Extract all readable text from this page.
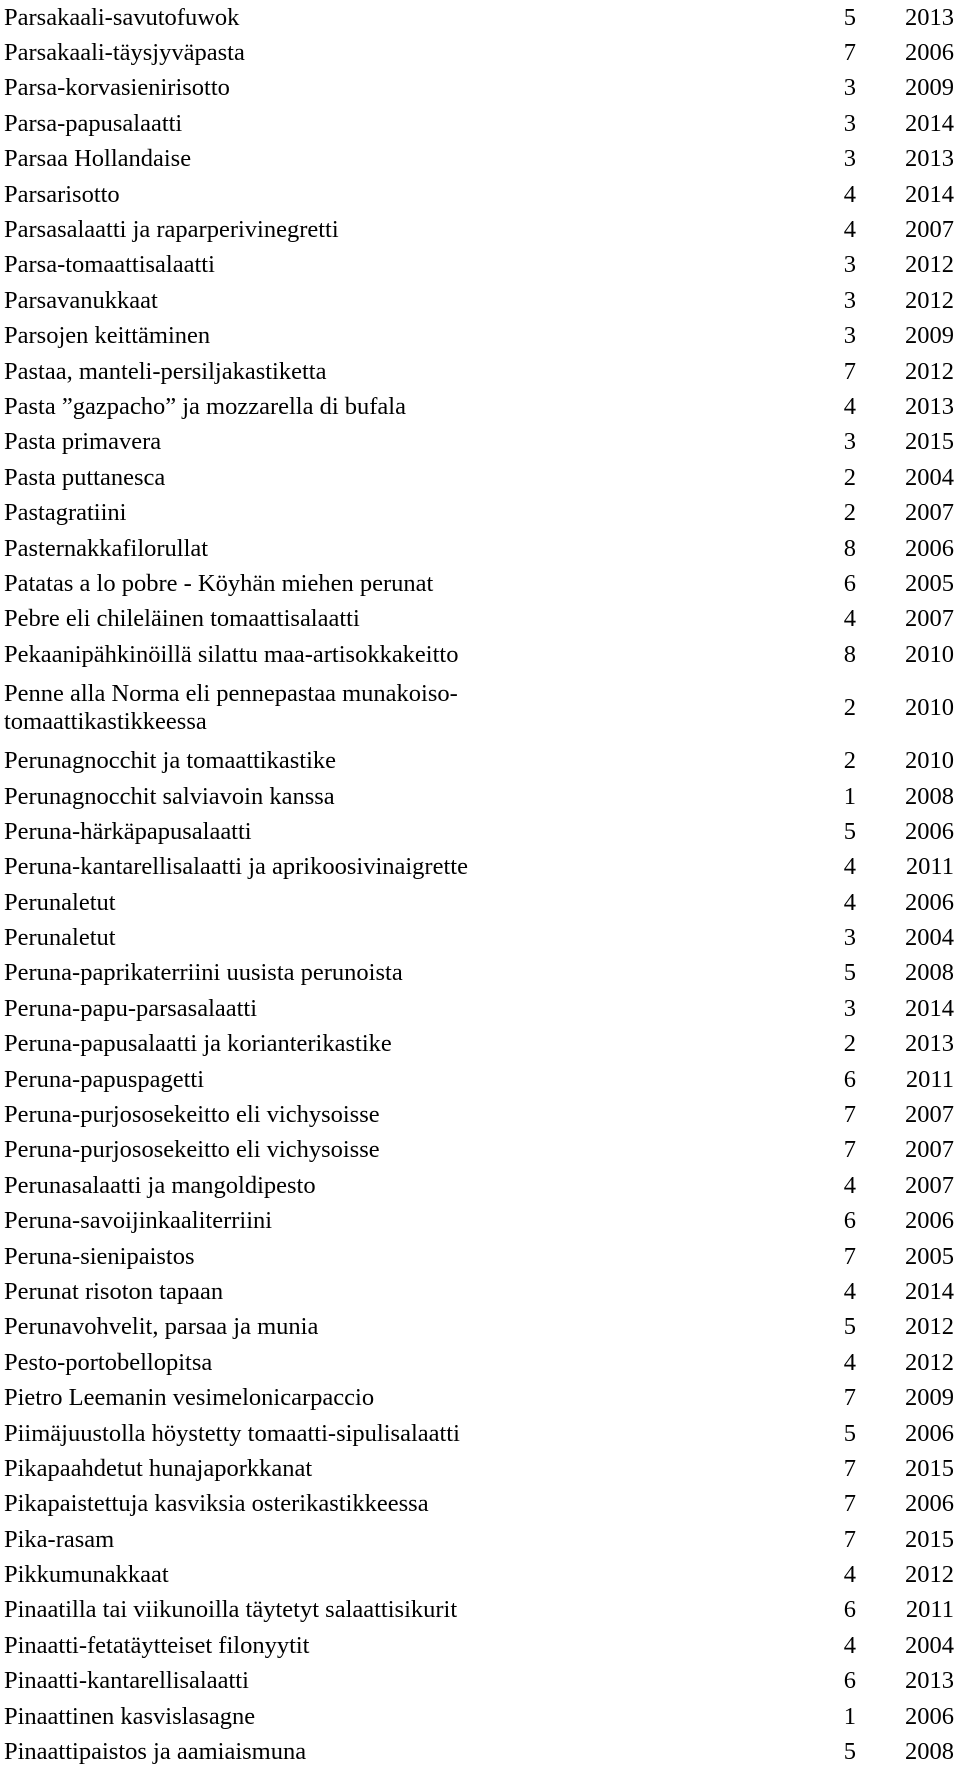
Parsakaali-savutofuwok	5	2013
Parsakaali-täysjyväpasta	7	2006
Parsa-korvasienirisotto	3	2009
Parsa-papusalaatti	3	2014
Parsaa Hollandaise	3	2013
Parsarisotto	4	2014
Parsasalaatti ja raparperivinegretti	4	2007
Parsa-tomaattisalaatti	3	2012
Parsavanukkaat	3	2012
Parsojen keittäminen	3	2009
Pastaa, manteli-persiljakastiketta	7	2012
Pasta ”gazpacho” ja mozzarella di bufala	4	2013
Pasta primavera	3	2015
Pasta puttanesca	2	2004
Pastagratiini	2	2007
Pasternakkafilorullat	8	2006
Patatas a lo pobre - Köyhän miehen perunat	6	2005
Pebre eli chileläinen tomaattisalaatti	4	2007
Pekaanipähkinöillä silattu maa-artisokkakeitto	8	2010
Penne alla Norma eli pennepastaa munakoiso-tomaattikastikkeessa	2	2010
Perunagnocchit ja tomaattikastike	2	2010
Perunagnocchit salviavoin kanssa	1	2008
Peruna-härkäpapusalaatti	5	2006
Peruna-kantarellisalaatti ja aprikoosivinaigrette	4	2011
Perunaletut	4	2006
Perunaletut	3	2004
Peruna-paprikaterriini uusista perunoista	5	2008
Peruna-papu-parsasalaatti	3	2014
Peruna-papusalaatti ja korianterikastike	2	2013
Peruna-papuspagetti	6	2011
Peruna-purjososekeitto eli vichysoisse	7	2007
Peruna-purjososekeitto eli vichysoisse	7	2007
Perunasalaatti ja mangoldipesto	4	2007
Peruna-savoijinkaaliterriini	6	2006
Peruna-sienipaistos	7	2005
Perunat risoton tapaan	4	2014
Perunavohvelit, parsaa ja munia	5	2012
Pesto-portobellopitsa	4	2012
Pietro Leemanin vesimelonicarpaccio	7	2009
Piimäjuustolla höystetty tomaatti-sipulisalaatti	5	2006
Pikapaahdetut hunajaporkkanat	7	2015
Pikapaistettuja kasviksia osterikastikkeessa	7	2006
Pika-rasam	7	2015
Pikkumunakkaat	4	2012
Pinaatilla tai viikunoilla täytetyt salaattisikurit	6	2011
Pinaatti-fetatäytteiset filonyytit	4	2004
Pinaatti-kantarellisalaatti	6	2013
Pinaattinen kasvislasagne	1	2006
Pinaattipaistos ja aamiaismuna	5	2008
